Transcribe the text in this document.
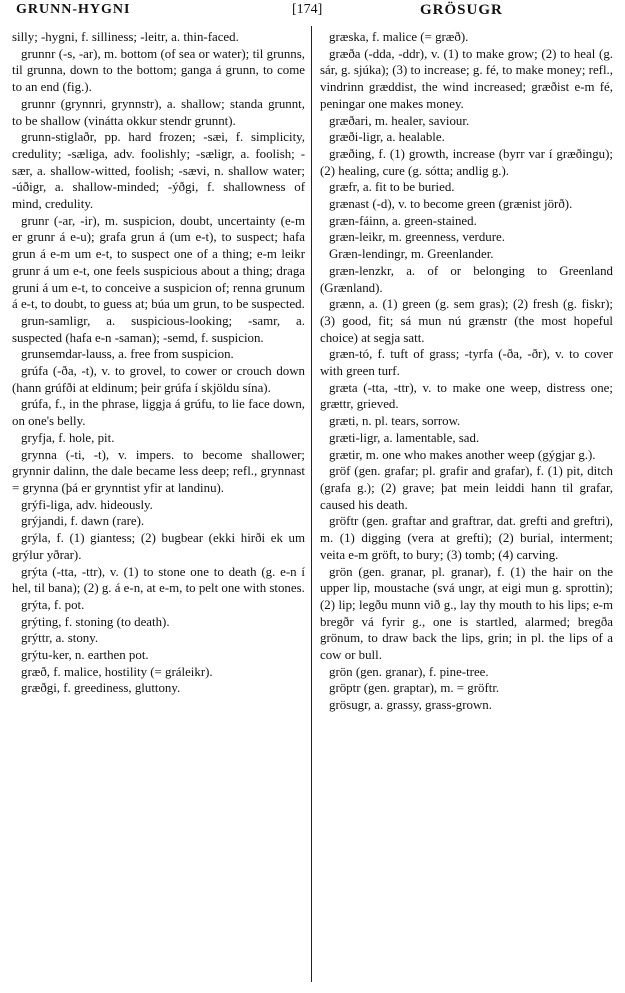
GRUNN-HYGNI	[174]	GRÖSUGR

silly; -hygni, f. silliness; -leitr, a. thin-faced.

grunnr (-s, -ar), m. bottom (of sea or water); til grunns, til grunna, down to the bottom; ganga á grunn, to come to an end (fig.).

grunnr (grynnri, grynnstr), a. shallow; standa grunnt, to be shallow (vinátta okkur stendr grunnt).

grunn-stiglaðr, pp. hard frozen; -sæi, f. simplicity, credulity; -sæliga, adv. foolishly; -sæligr, a. foolish; -sær, a. shallow-witted, foolish; -sævi, n. shallow water; -úðigr, a. shallow-minded; -ýðgi, f. shallowness of mind, credulity.

grunr (-ar, -ir), m. suspicion, doubt, uncertainty (e-m er grunr á e-u); grafa grun á (um e-t), to suspect; hafa grun á e-m um e-t, to suspect one of a thing; e-m leikr grunr á um e-t, one feels suspicious about a thing; draga gruni á um e-t, to conceive a suspicion of; renna grunum á e-t, to doubt, to guess at; búa um grun, to be suspected.

grun-samligr, a. suspicious-looking; -samr, a. suspected (hafa e-n -saman); -semd, f. suspicion.

grunsemdar-lauss, a. free from suspicion.

grúfa (-ða, -t), v. to grovel, to cower or crouch down (hann grúfði at eldinum; þeir grúfa í skjöldu sína).

grúfa, f., in the phrase, liggja á grúfu, to lie face down, on one's belly.

gryfja, f. hole, pit.

grynna (-ti, -t), v. impers. to become shallower; grynnir dalinn, the dale became less deep; refl., grynnast = grynna (þá er grynntist yfir at landinu).

grýfi-liga, adv. hideously.

grýjandi, f. dawn (rare).

grýla, f. (1) giantess; (2) bugbear (ekki hirði ek um grýlur yðrar).

grýta (-tta, -ttr), v. (1) to stone one to death (g. e-n í hel, til bana); (2) g. á e-n, at e-m, to pelt one with stones.

grýta, f. pot.

grýting, f. stoning (to death).

grýttr, a. stony.

grýtu-ker, n. earthen pot.

græð, f. malice, hostility (= gráleikr).

græðgi, f. greediness, gluttony.

græska, f. malice (= græð).

græða (-dda, -ddr), v. (1) to make grow; (2) to heal (g. sár, g. sjúka); (3) to increase; g. fé, to make money; refl., vindrinn græddist, the wind increased; græðist e-m fé, peningar one makes money.

græðari, m. healer, saviour.

græði-ligr, a. healable.

græðing, f. (1) growth, increase (byrr var í græðingu); (2) healing, cure (g. sótta; andlig g.).

græfr, a. fit to be buried.

grænast (-d), v. to become green (grænist jörð).

græn-fáinn, a. green-stained.

græn-leikr, m. greenness, verdure.

Græn-lendingr, m. Greenlander.

græn-lenzkr, a. of or belonging to Greenland (Grænland).

grænn, a. (1) green (g. sem gras); (2) fresh (g. fiskr); (3) good, fit; sá mun nú grænstr (the most hopeful choice) at segja satt.

græn-tó, f. tuft of grass; -tyrfa (-ða, -ðr), v. to cover with green turf.

græta (-tta, -ttr), v. to make one weep, distress one; grættr, grieved.

græti, n. pl. tears, sorrow.

græti-ligr, a. lamentable, sad.

grætir, m. one who makes another weep (gýgjar g.).

gröf (gen. grafar; pl. grafir and grafar), f. (1) pit, ditch (grafa g.); (2) grave; þat mein leiddi hann til grafar, caused his death.

gröftr (gen. graftar and graftrar, dat. grefti and greftri), m. (1) digging (vera at grefti); (2) burial, interment; veita e-m gröft, to bury; (3) tomb; (4) carving.

grön (gen. granar, pl. granar), f. (1) the hair on the upper lip, moustache (svá ungr, at eigi mun g. sprottin); (2) lip; legðu munn við g., lay thy mouth to his lips; e-m bregðr vá fyrir g., one is startled, alarmed; bregða grönum, to draw back the lips, grin; in pl. the lips of a cow or bull.

grön (gen. granar), f. pine-tree.

gröptr (gen. graptar), m. = gröftr.

grösugr, a. grassy, grass-grown.
